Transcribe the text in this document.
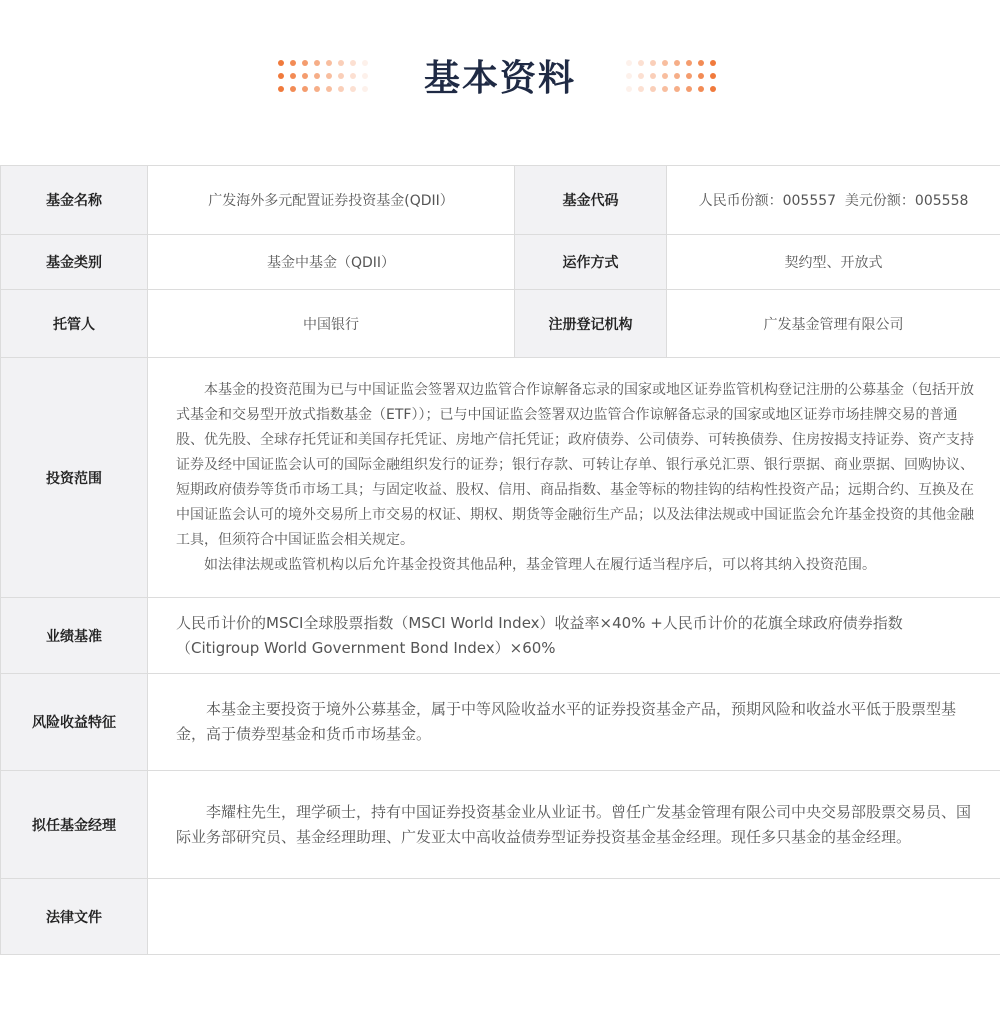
基本资料
基金名称	广发海外多元配置证券投资基金(QDII）	基金代码	人民币份额：005557  美元份额：005558
基金类别	基金中基金（QDII）	运作方式	契约型、开放式
托管人	中国银行	注册登记机构	广发基金管理有限公司
投资范围	本基金的投资范围为已与中国证监会签署双边监管合作谅解备忘录的国家或地区证券监管机构登记注册的公募基金（包括开放式基金和交易型开放式指数基金（ETF））；已与中国证监会签署双边监管合作谅解备忘录的国家或地区证券市场挂牌交易的普通股、优先股、全球存托凭证和美国存托凭证、房地产信托凭证；政府债券、公司债券、可转换债券、住房按揭支持证券、资产支持证券及经中国证监会认可的国际金融组织发行的证券；银行存款、可转让存单、银行承兑汇票、银行票据、商业票据、回购协议、短期政府债券等货币市场工具；与固定收益、股权、信用、商品指数、基金等标的物挂钩的结构性投资产品；远期合约、互换及在中国证监会认可的境外交易所上市交易的权证、期权、期货等金融衍生产品；以及法律法规或中国证监会允许基金投资的其他金融工具，但须符合中国证监会相关规定。

如法律法规或监管机构以后允许基金投资其他品种，基金管理人在履行适当程序后，可以将其纳入投资范围。		

业绩基准	人民币计价的MSCI全球股票指数（MSCI World Index）收益率×40% +人民币计价的花旗全球政府债券指数（Citigroup World Government Bond Index）×60%		

风险收益特征	本基金主要投资于境外公募基金，属于中等风险收益水平的证券投资基金产品，预期风险和收益水平低于股票型基金，高于债券型基金和货币市场基金。		

拟任基金经理	李耀柱先生，理学硕士，持有中国证券投资基金业从业证书。曾任广发基金管理有限公司中央交易部股票交易员、国际业务部研究员、基金经理助理、广发亚太中高收益债券型证券投资基金基金经理。现任多只基金的基金经理。		

法律文件			
